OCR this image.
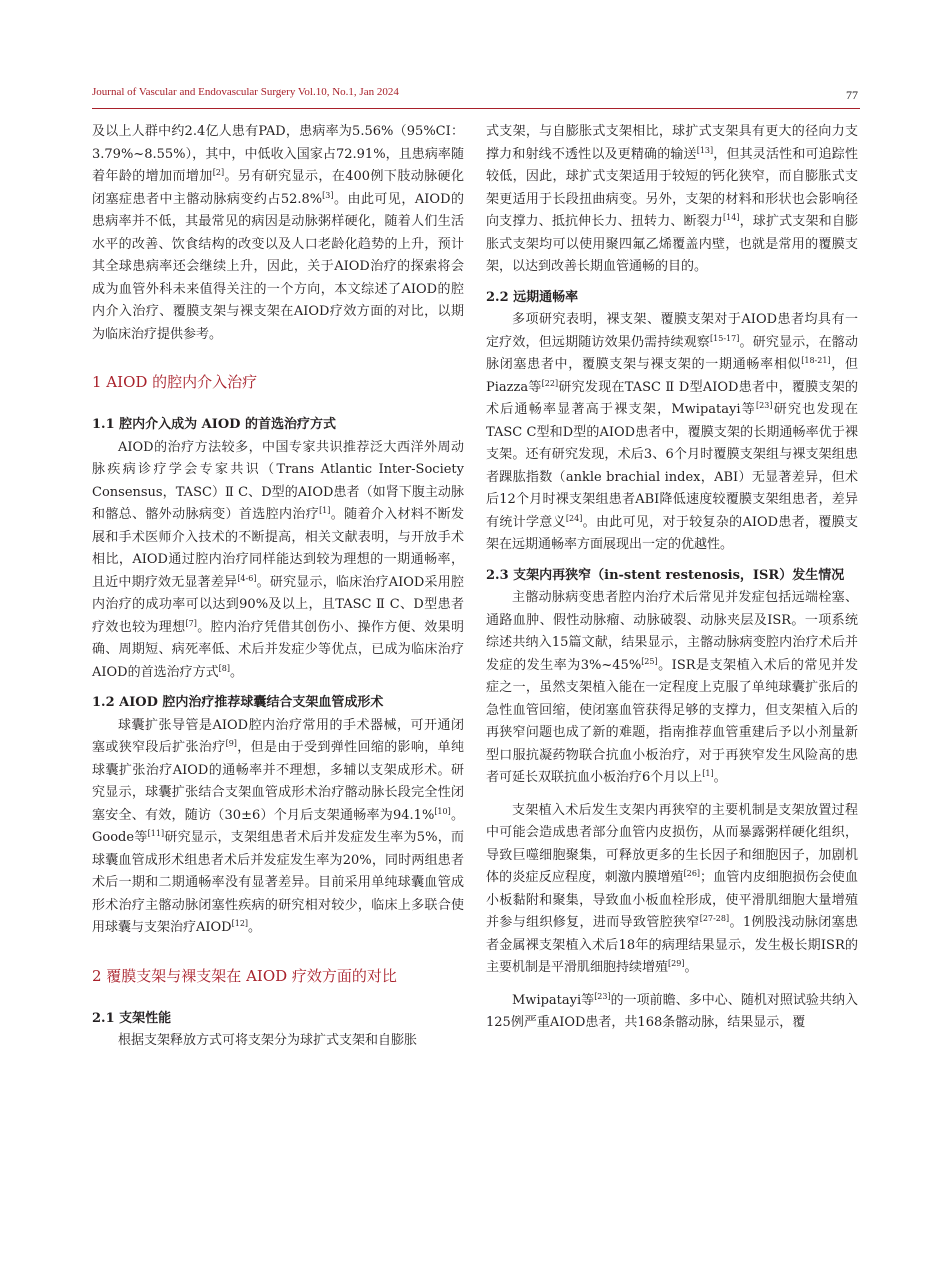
Journal of Vascular and Endovascular Surgery Vol.10, No.1, Jan 2024	77

及以上人群中约2.4亿人患有PAD，患病率为5.56%（95%CI：3.79%~8.55%），其中，中低收入国家占72.91%，且患病率随着年龄的增加而增加[2]。另有研究显示，在400例下肢动脉硬化闭塞症患者中主髂动脉病变约占52.8%[3]。由此可见，AIOD的患病率并不低，其最常见的病因是动脉粥样硬化，随着人们生活水平的改善、饮食结构的改变以及人口老龄化趋势的上升，预计其全球患病率还会继续上升，因此，关于AIOD治疗的探索将会成为血管外科未来值得关注的一个方向，本文综述了AIOD的腔内介入治疗、覆膜支架与裸支架在AIOD疗效方面的对比，以期为临床治疗提供参考。

1 AIOD 的腔内介入治疗
1.1 腔内介入成为 AIOD 的首选治疗方式

AIOD的治疗方法较多，中国专家共识推荐泛大西洋外周动脉疾病诊疗学会专家共识（Trans Atlantic Inter-Society Consensus，TASC）Ⅱ C、D型的AIOD患者（如肾下腹主动脉和髂总、髂外动脉病变）首选腔内治疗[1]。随着介入材料不断发展和手术医师介入技术的不断提高，相关文献表明，与开放手术相比，AIOD通过腔内治疗同样能达到较为理想的一期通畅率，且近中期疗效无显著差异[4-6]。研究显示，临床治疗AIOD采用腔内治疗的成功率可以达到90%及以上，且TASC Ⅱ C、D型患者疗效也较为理想[7]。腔内治疗凭借其创伤小、操作方便、效果明确、周期短、病死率低、术后并发症少等优点，已成为临床治疗AIOD的首选治疗方式[8]。

1.2 AIOD 腔内治疗推荐球囊结合支架血管成形术

球囊扩张导管是AIOD腔内治疗常用的手术器械，可开通闭塞或狭窄段后扩张治疗[9]，但是由于受到弹性回缩的影响，单纯球囊扩张治疗AIOD的通畅率并不理想，多辅以支架成形术。研究显示，球囊扩张结合支架血管成形术治疗髂动脉长段完全性闭塞安全、有效，随访（30±6）个月后支架通畅率为94.1%[10]。Goode等[11]研究显示，支架组患者术后并发症发生率为5%，而球囊血管成形术组患者术后并发症发生率为20%，同时两组患者术后一期和二期通畅率没有显著差异。目前采用单纯球囊血管成形术治疗主髂动脉闭塞性疾病的研究相对较少，临床上多联合使用球囊与支架治疗AIOD[12]。

2 覆膜支架与裸支架在 AIOD 疗效方面的对比
2.1 支架性能

根据支架释放方式可将支架分为球扩式支架和自膨胀

式支架，与自膨胀式支架相比，球扩式支架具有更大的径向力支撑力和射线不透性以及更精确的输送[13]，但其灵活性和可追踪性较低，因此，球扩式支架适用于较短的钙化狭窄，而自膨胀式支架更适用于长段扭曲病变。另外，支架的材料和形状也会影响径向支撑力、抵抗伸长力、扭转力、断裂力[14]，球扩式支架和自膨胀式支架均可以使用聚四氟乙烯覆盖内壁，也就是常用的覆膜支架，以达到改善长期血管通畅的目的。

2.2 远期通畅率

多项研究表明，裸支架、覆膜支架对于AIOD患者均具有一定疗效，但远期随访效果仍需持续观察[15-17]。研究显示，在髂动脉闭塞患者中，覆膜支架与裸支架的一期通畅率相似[18-21]，但Piazza等[22]研究发现在TASC Ⅱ D型AIOD患者中，覆膜支架的术后通畅率显著高于裸支架，Mwipatayi等[23]研究也发现在TASC C型和D型的AIOD患者中，覆膜支架的长期通畅率优于裸支架。还有研究发现，术后3、6个月时覆膜支架组与裸支架组患者踝肱指数（ankle brachial index，ABI）无显著差异，但术后12个月时裸支架组患者ABI降低速度较覆膜支架组患者，差异有统计学意义[24]。由此可见，对于较复杂的AIOD患者，覆膜支架在远期通畅率方面展现出一定的优越性。

2.3 支架内再狭窄（in-stent restenosis，ISR）发生情况

主髂动脉病变患者腔内治疗术后常见并发症包括远端栓塞、通路血肿、假性动脉瘤、动脉破裂、动脉夹层及ISR。一项系统综述共纳入15篇文献，结果显示，主髂动脉病变腔内治疗术后并发症的发生率为3%~45%[25]。ISR是支架植入术后的常见并发症之一，虽然支架植入能在一定程度上克服了单纯球囊扩张后的急性血管回缩，使闭塞血管获得足够的支撑力，但支架植入后的再狭窄问题也成了新的难题，指南推荐血管重建后予以小剂量新型口服抗凝药物联合抗血小板治疗，对于再狭窄发生风险高的患者可延长双联抗血小板治疗6个月以上[1]。

支架植入术后发生支架内再狭窄的主要机制是支架放置过程中可能会造成患者部分血管内皮损伤，从而暴露粥样硬化组织，导致巨噬细胞聚集，可释放更多的生长因子和细胞因子，加剧机体的炎症反应程度，刺激内膜增殖[26]；血管内皮细胞损伤会使血小板黏附和聚集，导致血小板血栓形成，使平滑肌细胞大量增殖并参与组织修复，进而导致管腔狭窄[27-28]。1例股浅动脉闭塞患者金属裸支架植入术后18年的病理结果显示，发生极长期ISR的主要机制是平滑肌细胞持续增殖[29]。

Mwipatayi等[23]的一项前瞻、多中心、随机对照试验共纳入125例严重AIOD患者，共168条髂动脉，结果显示，覆
